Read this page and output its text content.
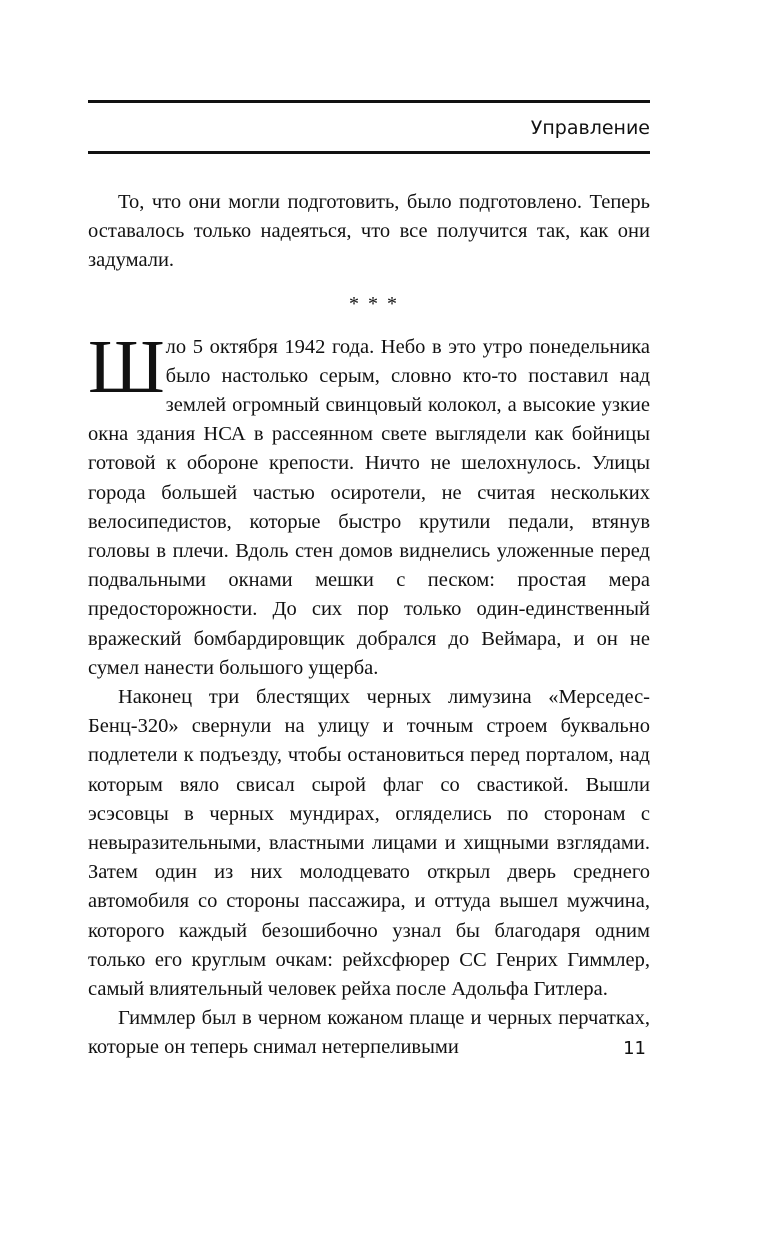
Управление

То, что они могли подготовить, было подготовлено. Теперь оставалось только надеяться, что все получится так, как они задумали.

* * *

Шло 5 октября 1942 года. Небо в это утро понедельника было настолько серым, словно кто-то поставил над землей огромный свинцовый колокол, а высокие узкие окна здания НСА в рассеянном свете выглядели как бойницы готовой к обороне крепости. Ничто не шелохнулось. Улицы города большей частью осиротели, не считая нескольких велосипедистов, которые быстро крутили педали, втянув головы в плечи. Вдоль стен домов виднелись уложенные перед подвальными окнами мешки с песком: простая мера предосторожности. До сих пор только один-единственный вражеский бомбардировщик добрался до Веймара, и он не сумел нанести большого ущерба.

Наконец три блестящих черных лимузина «Мерседес-Бенц-320» свернули на улицу и точным строем буквально подлетели к подъезду, чтобы остановиться перед порталом, над которым вяло свисал сырой флаг со свастикой. Вышли эсэсовцы в черных мундирах, огляделись по сторонам с невыразительными, властными лицами и хищными взглядами. Затем один из них молодцевато открыл дверь среднего автомобиля со стороны пассажира, и оттуда вышел мужчина, которого каждый безошибочно узнал бы благодаря одним только его круглым очкам: рейхсфюрер СС Генрих Гиммлер, самый влиятельный человек рейха после Адольфа Гитлера.

Гиммлер был в черном кожаном плаще и черных перчатках, которые он теперь снимал нетерпеливыми	11
